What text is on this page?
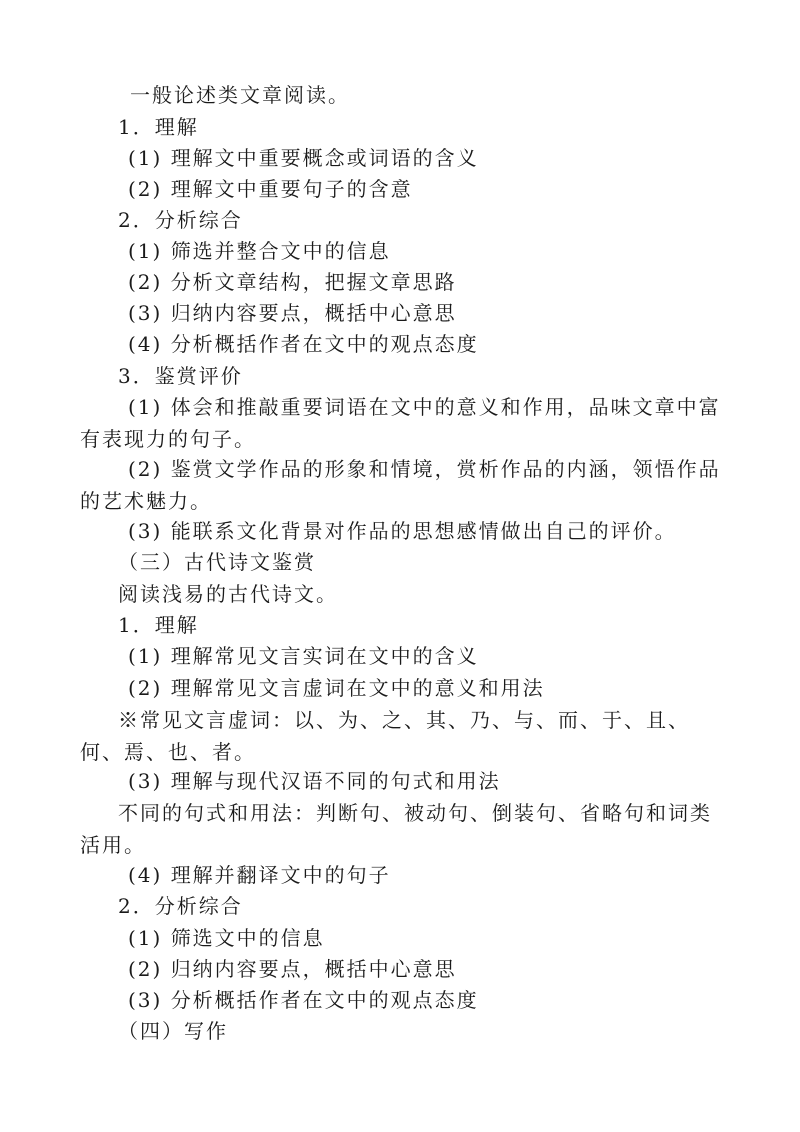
一般论述类文章阅读。
1．理解
(1) 理解文中重要概念或词语的含义
(2) 理解文中重要句子的含意
2．分析综合
(1) 筛选并整合文中的信息
(2) 分析文章结构，把握文章思路
(3) 归纳内容要点，概括中心意思
(4) 分析概括作者在文中的观点态度
3．鉴赏评价
(1) 体会和推敲重要词语在文中的意义和作用，品味文章中富有表现力的句子。
(2) 鉴赏文学作品的形象和情境，赏析作品的内涵，领悟作品的艺术魅力。
(3) 能联系文化背景对作品的思想感情做出自己的评价。
（三）古代诗文鉴赏
阅读浅易的古代诗文。
1．理解
(1) 理解常见文言实词在文中的含义
(2) 理解常见文言虚词在文中的意义和用法
※常见文言虚词：以、为、之、其、乃、与、而、于、且、何、焉、也、者。
(3) 理解与现代汉语不同的句式和用法
不同的句式和用法：判断句、被动句、倒装句、省略句和词类活用。
(4) 理解并翻译文中的句子
2．分析综合
(1) 筛选文中的信息
(2) 归纳内容要点，概括中心意思
(3) 分析概括作者在文中的观点态度
（四）写作
